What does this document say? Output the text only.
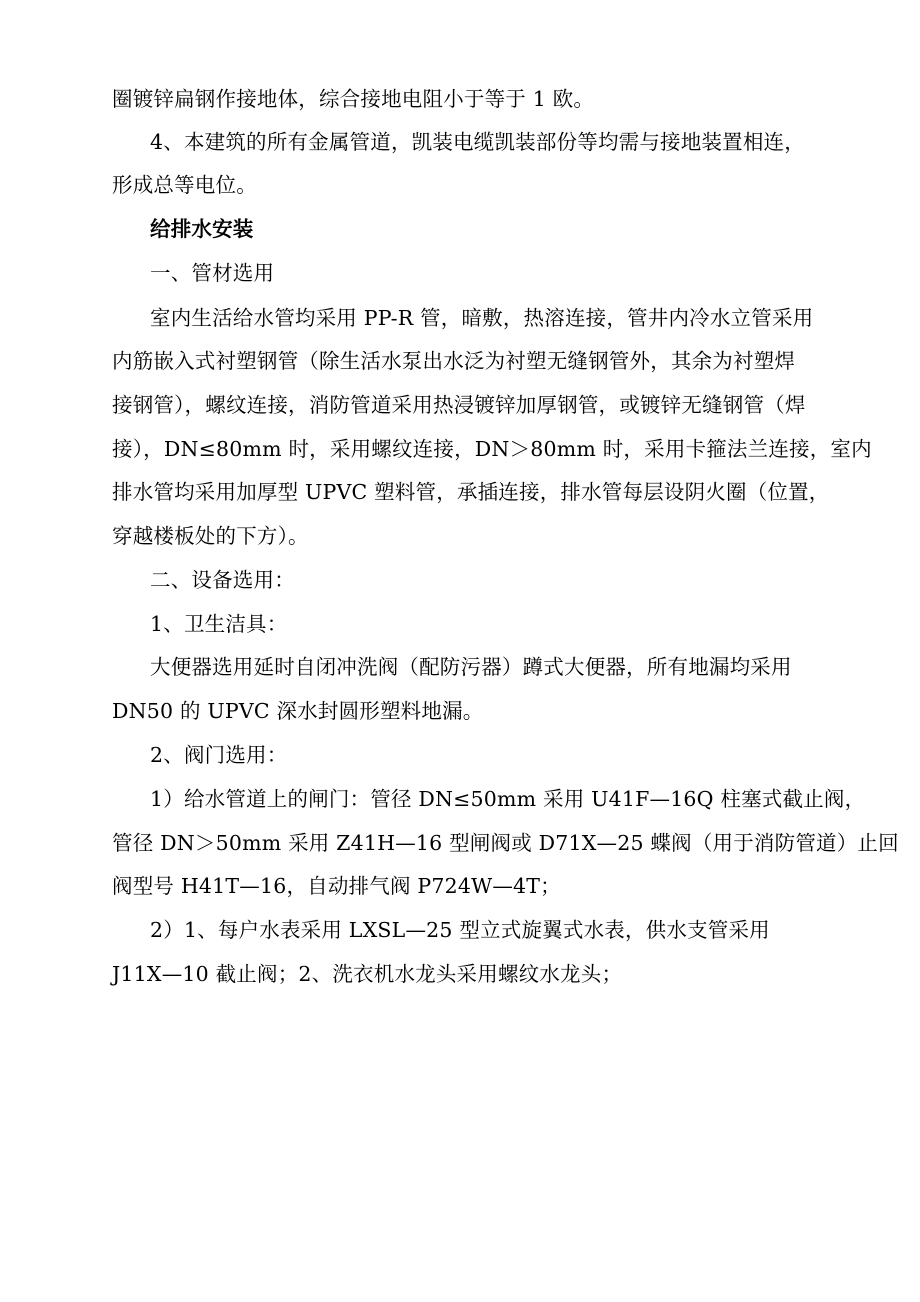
圈镀锌扁钢作接地体，综合接地电阻小于等于 1 欧。
4、本建筑的所有金属管道，凯装电缆凯装部份等均需与接地装置相连，
形成总等电位。
给排水安装
一、管材选用
室内生活给水管均采用 PP-R 管，暗敷，热溶连接，管井内冷水立管采用
内筋嵌入式衬塑钢管（除生活水泵出水泛为衬塑无缝钢管外，其余为衬塑焊
接钢管），螺纹连接，消防管道采用热浸镀锌加厚钢管，或镀锌无缝钢管（焊
接），DN≤80mm 时，采用螺纹连接，DN＞80mm 时，采用卡箍法兰连接，室内
排水管均采用加厚型 UPVC 塑料管，承插连接，排水管每层设阴火圈（位置，
穿越楼板处的下方）。
二、设备选用：
1、卫生洁具：
大便器选用延时自闭冲洗阀（配防污器）蹲式大便器，所有地漏均采用
DN50 的 UPVC 深水封圆形塑料地漏。
2、阀门选用：
1）给水管道上的闸门：管径 DN≤50mm 采用 U41F—16Q 柱塞式截止阀，
管径 DN＞50mm 采用 Z41H—16 型闸阀或 D71X—25 蝶阀（用于消防管道）止回
阀型号 H41T—16，自动排气阀 P724W—4T；
2）1、每户水表采用 LXSL—25 型立式旋翼式水表，供水支管采用
J11X—10 截止阀；2、洗衣机水龙头采用螺纹水龙头；
